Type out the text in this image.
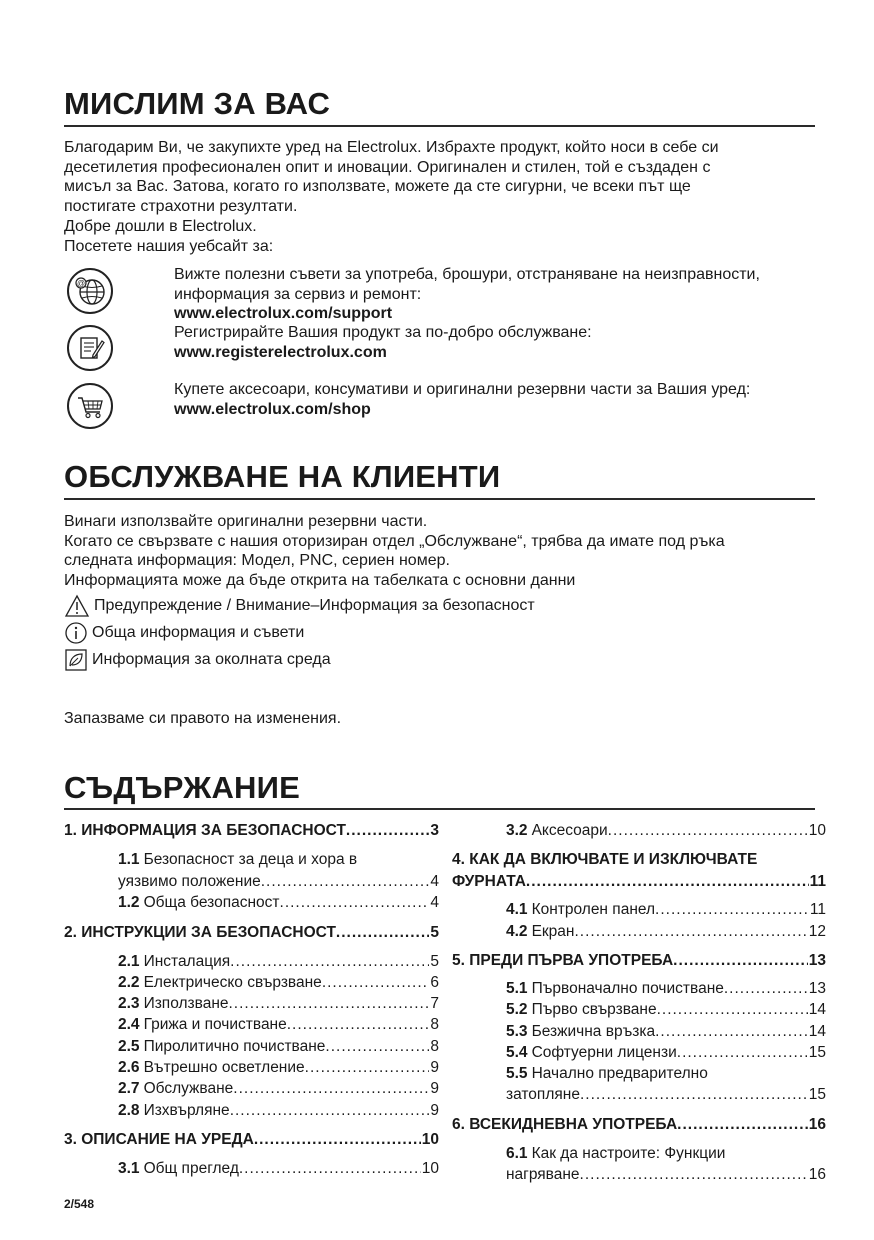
МИСЛИМ ЗА ВАС
Благодарим Ви, че закупихте уред на Electrolux. Избрахте продукт, който носи в себе си
десетилетия професионален опит и иновации. Оригинален и стилен, той е създаден с
мисъл за Вас. Затова, когато го използвате, можете да сте сигурни, че всеки път ще
постигате страхотни резултати.
Добре дошли в Electrolux.
Посетете нашия уебсайт за:
@
Вижте полезни съвети за употреба, брошури, отстраняване на неизправности,
информация за сервиз и ремонт:
www.electrolux.com/support
Регистрирайте Вашия продукт за по-добро обслужване:
www.registerelectrolux.com
Купете аксесоари, консумативи и оригинални резервни части за Вашия уред:
www.electrolux.com/shop
ОБСЛУЖВАНЕ НА КЛИЕНТИ
Винаги използвайте оригинални резервни части.
Когато се свързвате с нашия оторизиран отдел „Обслужване“, трябва да имате под ръка
следната информация: Модел, PNC, сериен номер.
Информацията може да бъде открита на табелката с основни данни
Предупреждение / Внимание–Информация за безопасност
Обща информация и съвети
Информация за околната среда
Запазваме си правото на изменения.
СЪДЪРЖАНИЕ
1. ИНФОРМАЦИЯ ЗА БЕЗОПАСНОСТ .....	3
1.1 Безопасност за деца и хора в
уязвимо положение .....	4
1.2 Обща безопасност .....	4
2. ИНСТРУКЦИИ ЗА БЕЗОПАСНОСТ .....	5
2.1 Инсталация .....	5
2.2 Електрическо свързване .....	6
2.3 Използване .....	7
2.4 Грижа и почистване .....	8
2.5 Пиролитично почистване .....	8
2.6 Вътрешно осветление .....	9
2.7 Обслужване .....	9
2.8 Изхвърляне .....	9
3. ОПИСАНИЕ НА УРЕДА .....	10
3.1 Общ преглед .....	10
3.2 Аксесоари .....	10
4. КАК ДА ВКЛЮЧВАТЕ И ИЗКЛЮЧВАТЕ
ФУРНАТА .....	11
4.1 Контролен панел .....	11
4.2 Екран .....	12
5. ПРЕДИ ПЪРВА УПОТРЕБА .....	13
5.1 Първоначално почистване .....	13
5.2 Първо свързване .....	14
5.3 Безжична връзка .....	14
5.4 Софтуерни лицензи .....	15
5.5 Начално предварително
затопляне .....	15
6. ВСЕКИДНЕВНА УПОТРЕБА .....	16
6.1 Как да настроите: Функции
нагряване .....	16
2/548
